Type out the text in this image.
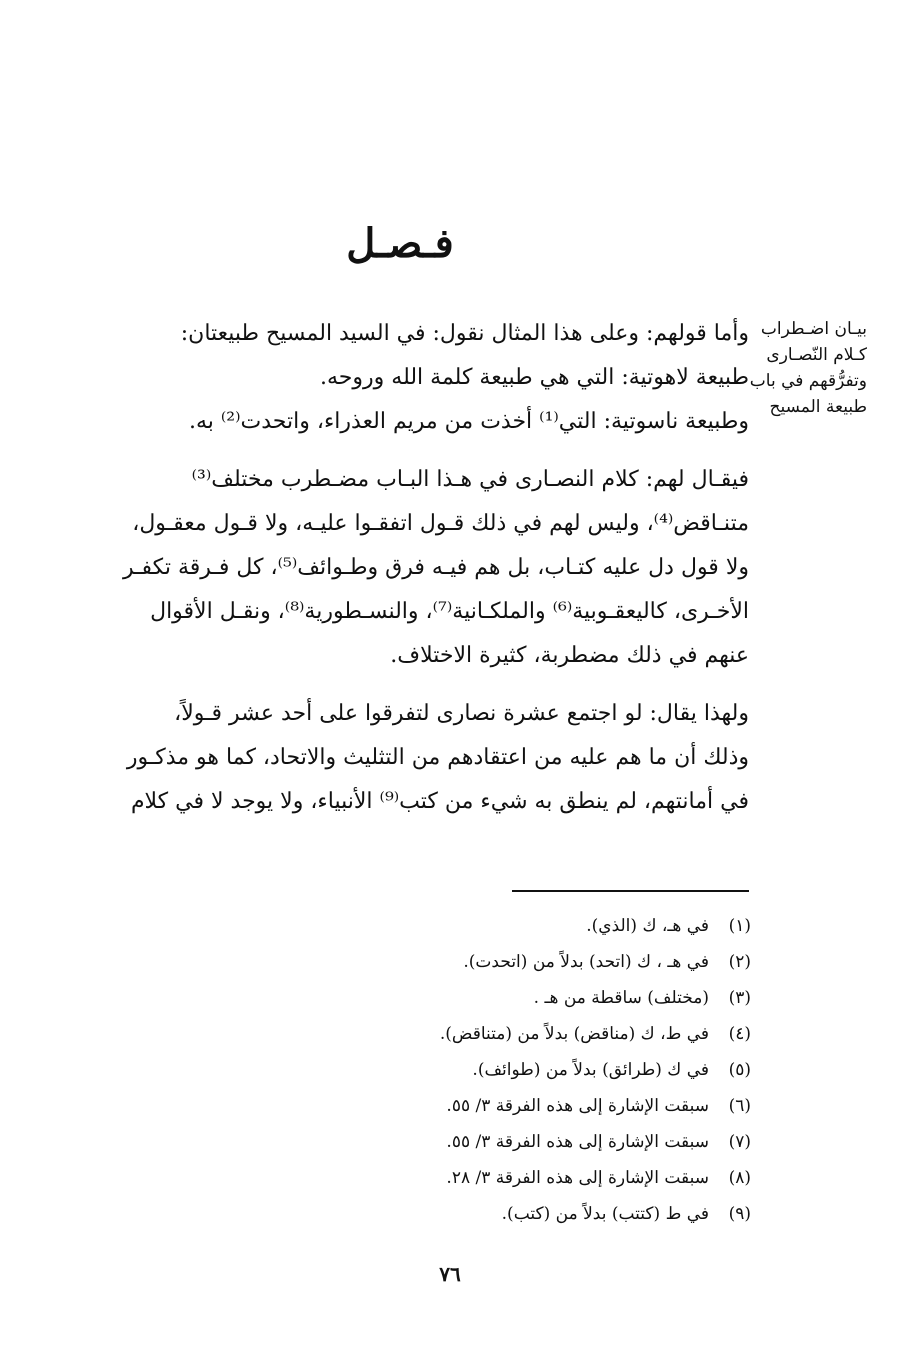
فـصـل
بيـان اضـطراب
كـلام النّصـارى
وتفرُّقهم في باب
طبيعة المسيح
وأما قولهم: وعلى هذا المثال نقول: في السيد المسيح طبيعتان:
طبيعة لاهوتية: التي هي طبيعة كلمة الله وروحه.
وطبيعة ناسوتية: التي⁽¹⁾ أخذت من مريم العذراء، واتحدت⁽²⁾ به.
فيقـال لهم: كلام النصـارى في هـذا البـاب مضـطرب مختلف⁽³⁾
متنـاقض⁽⁴⁾، وليس لهم في ذلك قـول اتفقـوا عليـه، ولا قـول معقـول،
ولا قول دل عليه كتـاب، بل هم فيـه فرق وطـوائف⁽⁵⁾، كل فـرقة تكفـر
الأخـرى، كاليعقـوبية⁽⁶⁾ والملكـانية⁽⁷⁾، والنسـطورية⁽⁸⁾، ونقـل الأقوال
عنهم في ذلك مضطربة، كثيرة الاختلاف.
ولهذا يقال: لو اجتمع عشرة نصارى لتفرقوا على أحد عشر قـولاً،
وذلك أن ما هم عليه من اعتقادهم من التثليث والاتحاد، كما هو مذكـور
في أمانتهم، لم ينطق به شيء من كتب⁽⁹⁾ الأنبياء، ولا يوجد لا في كلام
(١)في هـ، ك (الذي).
(٢)في هـ ، ك (اتحد) بدلاً من (اتحدت).
(٣)(مختلف) ساقطة من هـ .
(٤)في ط، ك (مناقض) بدلاً من (متناقض).
(٥)في ك (طرائق) بدلاً من (طوائف).
(٦)سبقت الإشارة إلى هذه الفرقة ٣/ ٥٥.
(٧)سبقت الإشارة إلى هذه الفرقة ٣/ ٥٥.
(٨)سبقت الإشارة إلى هذه الفرقة ٣/ ٢٨.
(٩)في ط (كتتب) بدلاً من (كتب).
٧٦
